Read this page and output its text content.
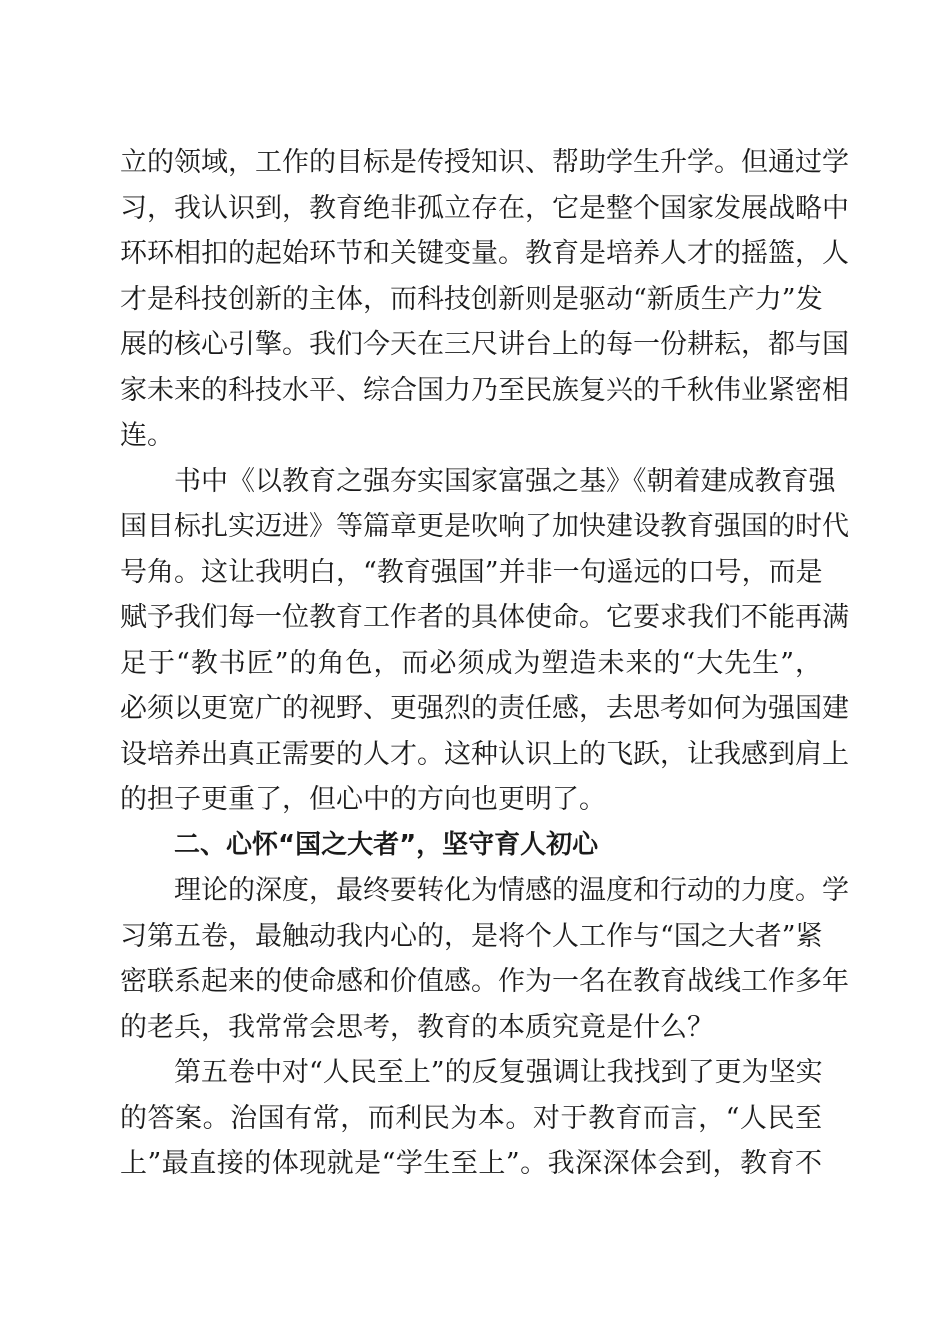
立的领域，工作的目标是传授知识、帮助学生升学。但通过学
习，我认识到，教育绝非孤立存在，它是整个国家发展战略中
环环相扣的起始环节和关键变量。教育是培养人才的摇篮，人
才是科技创新的主体，而科技创新则是驱动“新质生产力”发
展的核心引擎。我们今天在三尺讲台上的每一份耕耘，都与国
家未来的科技水平、综合国力乃至民族复兴的千秋伟业紧密相
连。
书中《以教育之强夯实国家富强之基》《朝着建成教育强
国目标扎实迈进》等篇章更是吹响了加快建设教育强国的时代
号角。这让我明白，“教育强国”并非一句遥远的口号，而是
赋予我们每一位教育工作者的具体使命。它要求我们不能再满
足于“教书匠”的角色，而必须成为塑造未来的“大先生”，
必须以更宽广的视野、更强烈的责任感，去思考如何为强国建
设培养出真正需要的人才。这种认识上的飞跃，让我感到肩上
的担子更重了，但心中的方向也更明了。
二、心怀“国之大者”，坚守育人初心
理论的深度，最终要转化为情感的温度和行动的力度。学
习第五卷，最触动我内心的，是将个人工作与“国之大者”紧
密联系起来的使命感和价值感。作为一名在教育战线工作多年
的老兵，我常常会思考，教育的本质究竟是什么？
第五卷中对“人民至上”的反复强调让我找到了更为坚实
的答案。治国有常，而利民为本。对于教育而言，“人民至
上”最直接的体现就是“学生至上”。我深深体会到，教育不
